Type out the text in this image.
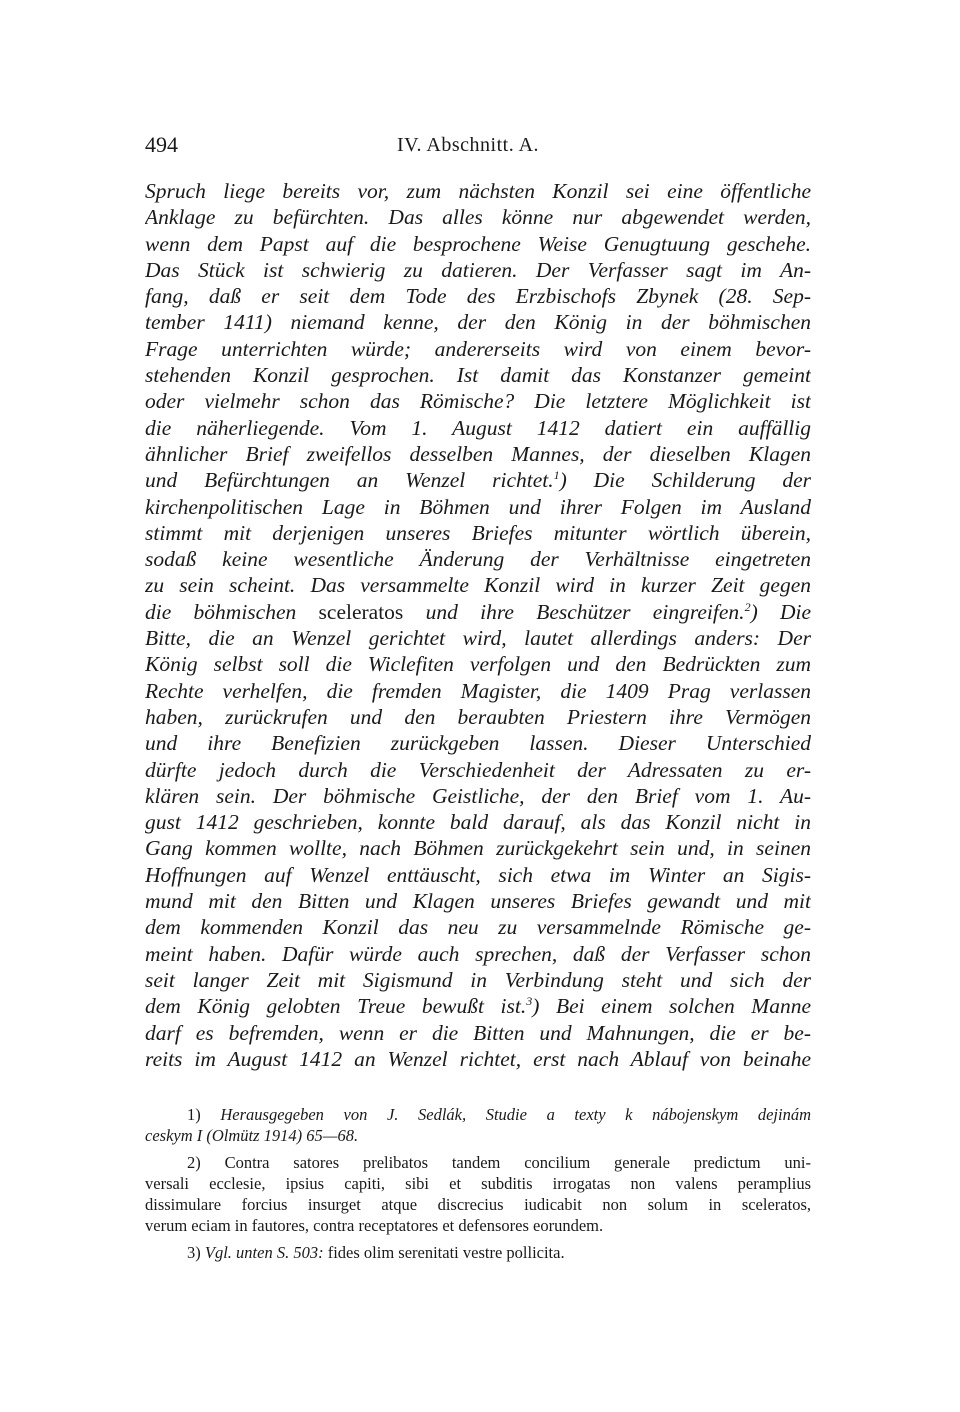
494	IV. Abschnitt. A.
Spruch liege bereits vor, zum nächsten Konzil sei eine öffentliche
Anklage zu befürchten. Das alles könne nur abgewendet werden,
wenn dem Papst auf die besprochene Weise Genugtuung geschehe.
Das Stück ist schwierig zu datieren. Der Verfasser sagt im An-
fang, daß er seit dem Tode des Erzbischofs Zbynek (28. Sep-
tember 1411) niemand kenne, der den König in der böhmischen
Frage unterrichten würde; andererseits wird von einem bevor-
stehenden Konzil gesprochen. Ist damit das Konstanzer gemeint
oder vielmehr schon das Römische? Die letztere Möglichkeit ist
die näherliegende. Vom 1. August 1412 datiert ein auffällig
ähnlicher Brief zweifellos desselben Mannes, der dieselben Klagen
und Befürchtungen an Wenzel richtet.$^1$) Die Schilderung der
kirchenpolitischen Lage in Böhmen und ihrer Folgen im Ausland
stimmt mit derjenigen unseres Briefes mitunter wörtlich überein,
sodaß keine wesentliche Änderung der Verhältnisse eingetreten
zu sein scheint. Das versammelte Konzil wird in kurzer Zeit gegen
die böhmischen sceleratos und ihre Beschützer eingreifen.$^2$) Die
Bitte, die an Wenzel gerichtet wird, lautet allerdings anders: Der
König selbst soll die Wiclefiten verfolgen und den Bedrückten zum
Rechte verhelfen, die fremden Magister, die 1409 Prag verlassen
haben, zurückrufen und den beraubten Priestern ihre Vermögen
und ihre Benefizien zurückgeben lassen. Dieser Unterschied
dürfte jedoch durch die Verschiedenheit der Adressaten zu er-
klären sein. Der böhmische Geistliche, der den Brief vom 1. Au-
gust 1412 geschrieben, konnte bald darauf, als das Konzil nicht in
Gang kommen wollte, nach Böhmen zurückgekehrt sein und, in seinen
Hoffnungen auf Wenzel enttäuscht, sich etwa im Winter an Sigis-
mund mit den Bitten und Klagen unseres Briefes gewandt und mit
dem kommenden Konzil das neu zu versammelnde Römische ge-
meint haben. Dafür würde auch sprechen, daß der Verfasser schon
seit langer Zeit mit Sigismund in Verbindung steht und sich der
dem König gelobten Treue bewußt ist.$^3$) Bei einem solchen Manne
darf es befremden, wenn er die Bitten und Mahnungen, die er be-
reits im August 1412 an Wenzel richtet, erst nach Ablauf von beinahe
1) Herausgegeben von J. Sedlák, Studie a texty k nábojenskym dejinám
ceskym I (Olmütz 1914) 65—68.
2) Contra satores prelibatos tandem concilium generale predictum uni-
versali ecclesie, ipsius capiti, sibi et subditis irrogatas non valens peramplius
dissimulare forcius insurget atque discrecius iudicabit non solum in sceleratos,
verum eciam in fautores, contra receptatores et defensores eorundem.
3) Vgl. unten S. 503: fides olim serenitati vestre pollicita.
